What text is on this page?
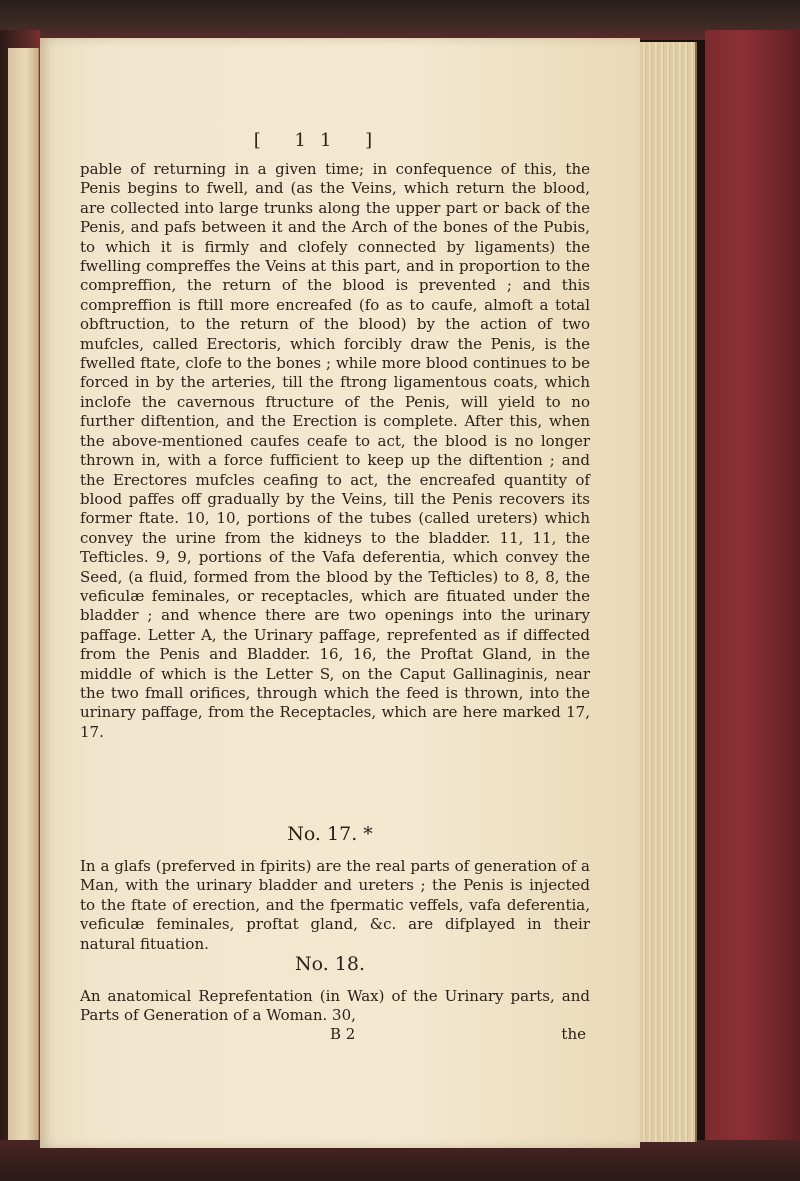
[ 11 ]

pable of returning in a given time; in confequence of this, the Penis begins to fwell, and (as the Veins, which return the blood, are collected into large trunks along the upper part or back of the Penis, and pafs between it and the Arch of the bones of the Pubis, to which it is firmly and clofely connected by ligaments) the fwelling compreffes the Veins at this part, and in proportion to the compreffion, the return of the blood is prevented ; and this compreffion is ftill more encreafed (fo as to caufe, almoft a total obftruction, to the return of the blood) by the action of two mufcles, called Erectoris, which forcibly draw the Penis, is the fwelled ftate, clofe to the bones ; while more blood continues to be forced in by the arteries, till the ftrong ligamentous coats, which inclofe the cavernous ftructure of the Penis, will yield to no further diftention, and the Erection is complete. After this, when the above-mentioned caufes ceafe to act, the blood is no longer thrown in, with a force fufficient to keep up the diftention ; and the Erectores mufcles ceafing to act, the encreafed quantity of blood paffes off gradually by the Veins, till the Penis recovers its former ftate. 10, 10, portions of the tubes (called ureters) which convey the urine from the kidneys to the bladder. 11, 11, the Tefticles. 9, 9, portions of the Vafa deferentia, which convey the Seed, (a fluid, formed from the blood by the Tefticles) to 8, 8, the veficulæ feminales, or receptacles, which are fituated under the bladder ; and whence there are two openings into the urinary paffage. Letter A, the Urinary paffage, reprefented as if diffected from the Penis and Bladder. 16, 16, the Proftat Gland, in the middle of which is the Letter S, on the Caput Gallinaginis, near the two fmall orifices, through which the feed is thrown, into the urinary paffage, from the Receptacles, which are here marked 17, 17.

No. 17. *

In a glafs (preferved in fpirits) are the real parts of generation of a Man, with the urinary bladder and ureters ; the Penis is injected to the ftate of erection, and the fpermatic veffels, vafa deferentia, veficulæ feminales, proftat gland, &c. are difplayed in their natural fituation.

No. 18.

An anatomical Reprefentation (in Wax) of the Urinary parts, and Parts of Generation of a Woman. 30,

B 2	the
